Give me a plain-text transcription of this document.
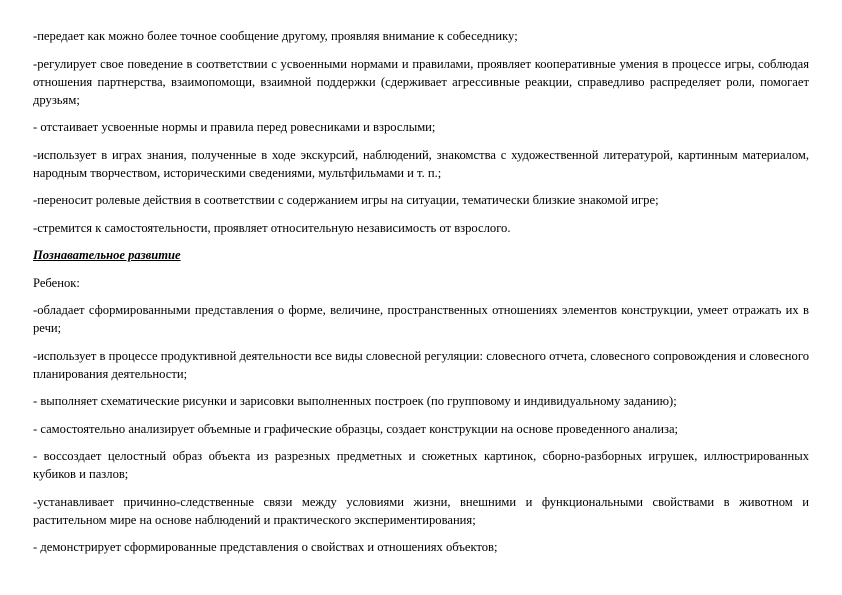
-передает как можно более точное сообщение другому, проявляя внимание к собеседнику;

-регулирует свое поведение в соответствии с усвоенными нормами и правилами, проявляет кооперативные умения в процессе игры, соблюдая отношения партнерства, взаимопомощи, взаимной поддержки (сдерживает агрессивные реакции, справедливо распределяет роли, помогает друзьям;

- отстаивает усвоенные нормы и правила перед ровесниками и взрослыми;

-использует в играх знания, полученные в ходе экскурсий, наблюдений, знакомства с художественной литературой, картинным материалом, народным творчеством, историческими сведениями, мультфильмами и т. п.;

-переносит ролевые действия в соответствии с содержанием игры на ситуации, тематически близкие знакомой игре;

-стремится к самостоятельности, проявляет относительную независимость от взрослого.

Познавательное развитие

Ребенок:

-обладает сформированными представления о форме, величине, пространственных отношениях элементов конструкции, умеет отражать их в речи;

-использует в процессе продуктивной деятельности все виды словесной регуляции: словесного отчета, словесного сопровождения и словесного планирования деятельности;

- выполняет схематические рисунки и зарисовки выполненных построек (по групповому и индивидуальному заданию);

- самостоятельно анализирует объемные и графические образцы, создает конструкции на основе проведенного анализа;

- воссоздает целостный образ объекта из разрезных предметных и сюжетных картинок, сборно-разборных игрушек, иллюстрированных кубиков и пазлов;

-устанавливает причинно-следственные связи между условиями жизни, внешними и функциональными свойствами в животном и растительном мире на основе наблюдений и практического экспериментирования;

- демонстрирует сформированные представления о свойствах и отношениях объектов;
